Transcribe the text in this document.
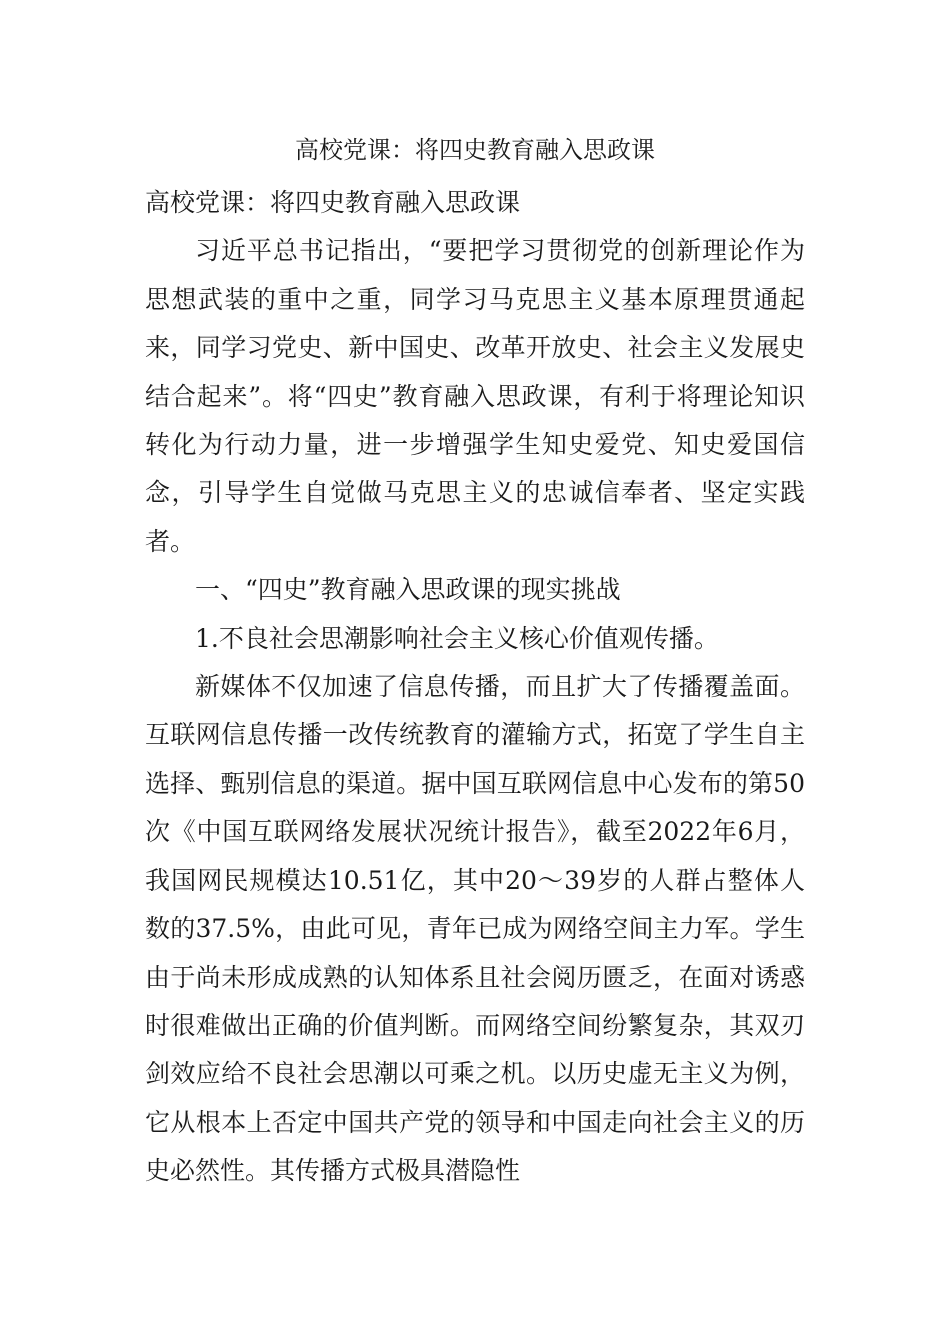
高校党课：将四史教育融入思政课

高校党课：将四史教育融入思政课

习近平总书记指出，“要把学习贯彻党的创新理论作为思想武装的重中之重，同学习马克思主义基本原理贯通起来，同学习党史、新中国史、改革开放史、社会主义发展史结合起来”。将“四史”教育融入思政课，有利于将理论知识转化为行动力量，进一步增强学生知史爱党、知史爱国信念，引导学生自觉做马克思主义的忠诚信奉者、坚定实践者。

一、“四史”教育融入思政课的现实挑战

1.不良社会思潮影响社会主义核心价值观传播。

新媒体不仅加速了信息传播，而且扩大了传播覆盖面。互联网信息传播一改传统教育的灌输方式，拓宽了学生自主选择、甄别信息的渠道。据中国互联网信息中心发布的第50次《中国互联网络发展状况统计报告》，截至2022年6月，我国网民规模达10.51亿，其中20～39岁的人群占整体人数的37.5%，由此可见，青年已成为网络空间主力军。学生由于尚未形成成熟的认知体系且社会阅历匮乏，在面对诱惑时很难做出正确的价值判断。而网络空间纷繁复杂，其双刃剑效应给不良社会思潮以可乘之机。以历史虚无主义为例，它从根本上否定中国共产党的领导和中国走向社会主义的历史必然性。其传播方式极具潜隐性
